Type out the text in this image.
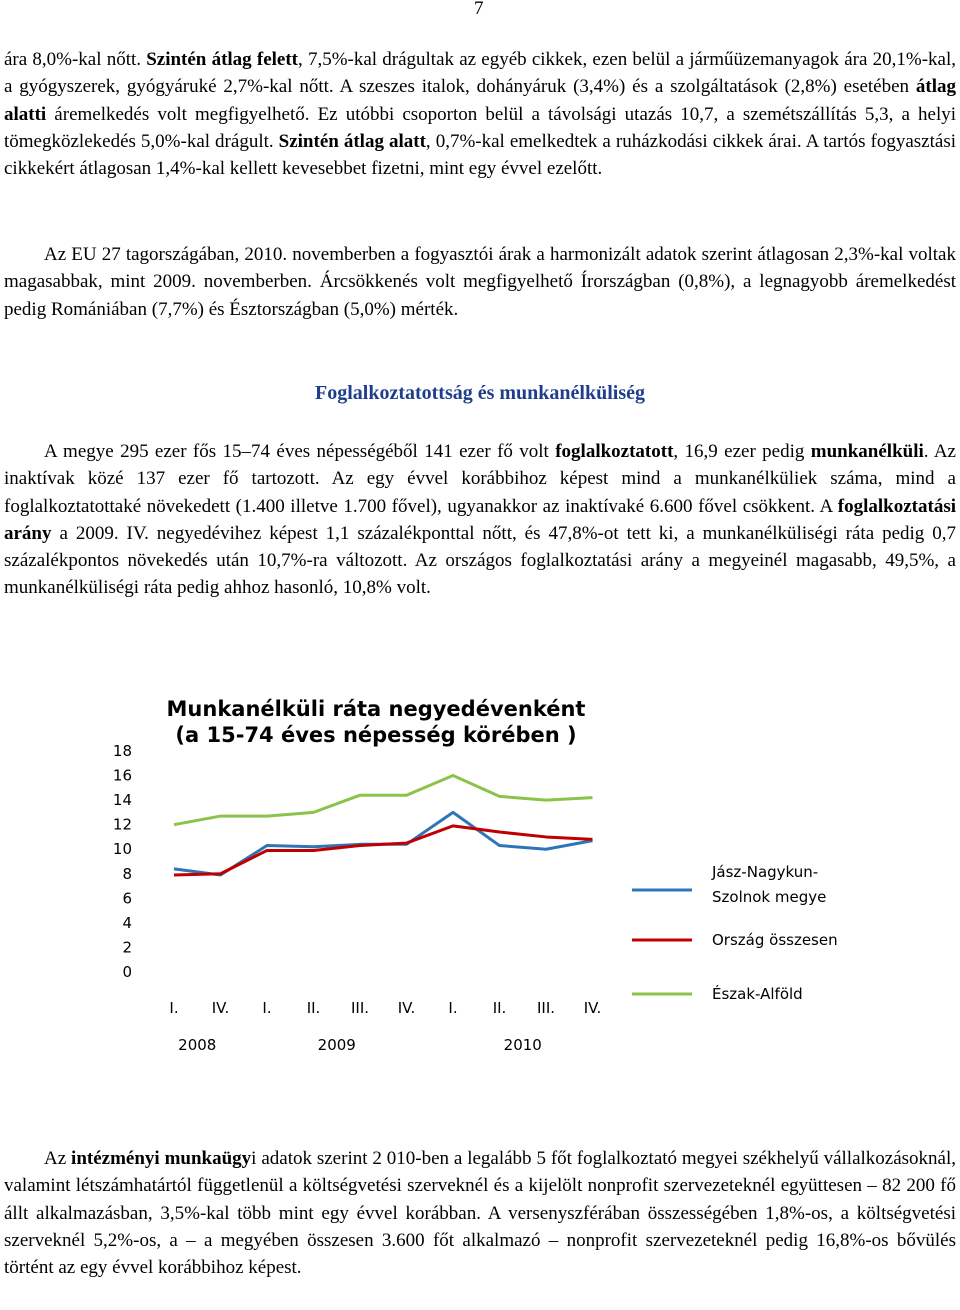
7

ára 8,0%-kal nőtt. Szintén átlag felett, 7,5%-kal drágultak az egyéb cikkek, ezen belül a járműüzemanyagok ára 20,1%-kal, a gyógyszerek, gyógyáruké 2,7%-kal nőtt. A szeszes italok, dohányáruk (3,4%) és a szolgáltatások (2,8%) esetében átlag alatti áremelkedés volt megfigyelhető. Ez utóbbi csoporton belül a távolsági utazás 10,7, a szemétszállítás 5,3, a helyi tömegközlekedés 5,0%-kal drágult. Szintén átlag alatt, 0,7%-kal emelkedtek a ruházkodási cikkek árai. A tartós fogyasztási cikkekért átlagosan 1,4%-kal kellett kevesebbet fizetni, mint egy évvel ezelőtt.

Az EU 27 tagországában, 2010. novemberben a fogyasztói árak a harmonizált adatok szerint átlagosan 2,3%-kal voltak magasabbak, mint 2009. novemberben. Árcsökkenés volt megfigyelhető Írországban (0,8%), a legnagyobb áremelkedést pedig Romániában (7,7%) és Észtországban (5,0%) mérték.

Foglalkoztatottság és munkanélküliség

A megye 295 ezer fős 15–74 éves népességéből 141 ezer fő volt foglalkoztatott, 16,9 ezer pedig munkanélküli. Az inaktívak közé 137 ezer fő tartozott. Az egy évvel korábbihoz képest mind a munkanélküliek száma, mind a foglalkoztatottaké növekedett (1.400 illetve 1.700 fővel), ugyanakkor az inaktívaké 6.600 fővel csökkent. A foglalkoztatási arány a 2009. IV. negyedévihez képest 1,1 százalékponttal nőtt, és 47,8%-ot tett ki, a munkanélküliségi ráta pedig 0,7 százalékpontos növekedés után 10,7%-ra változott. Az országos foglalkoztatási arány a megyeinél magasabb, 49,5%, a munkanélküliségi ráta pedig ahhoz hasonló, 10,8% volt.

Munkanélküli ráta negyedévenként
(a 15-74 éves népesség körében )
18
16
14
12
10
8
6
4
2
0
I. IV. I. II. III. IV. I. II. III. IV.
2008	2009	2010
Jász-Nagykun-
Szolnok megye
Ország összesen
Észak-Alföld

Az intézményi munkaügyi adatok szerint 2 010-ben a legalább 5 főt foglalkoztató megyei székhelyű vállalkozásoknál, valamint létszámhatártól függetlenül a költségvetési szerveknél és a kijelölt nonprofit szervezeteknél együttesen – 82 200 fő állt alkalmazásban, 3,5%-kal több mint egy évvel korábban. A versenyszférában összességében 1,8%-os, a költségvetési szerveknél 5,2%-os, a – a megyében összesen 3.600 főt alkalmazó – nonprofit szervezeteknél pedig 16,8%-os bővülés történt az egy évvel korábbihoz képest.
